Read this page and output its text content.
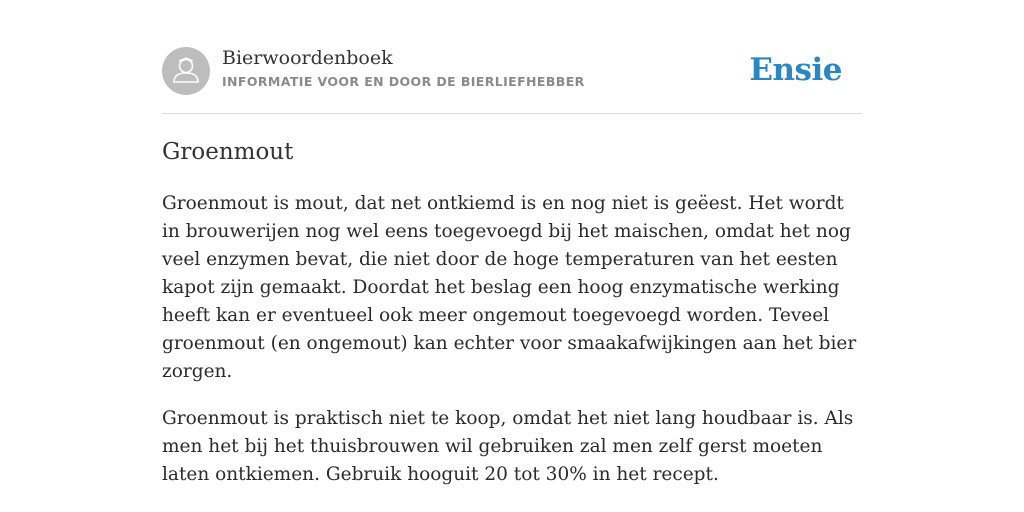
Bierwoordenboek
INFORMATIE VOOR EN DOOR DE BIERLIEFHEBBER	Ensie
Groenmout

Groenmout is mout, dat net ontkiemd is en nog niet is geëest. Het wordt in brouwerijen nog wel eens toegevoegd bij het maischen, omdat het nog veel enzymen bevat, die niet door de hoge temperaturen van het eesten kapot zijn gemaakt. Doordat het beslag een hoog enzymatische werking heeft kan er eventueel ook meer ongemout toegevoegd worden. Teveel groenmout (en ongemout) kan echter voor smaakafwijkingen aan het bier zorgen.

Groenmout is praktisch niet te koop, omdat het niet lang houdbaar is. Als men het bij het thuisbrouwen wil gebruiken zal men zelf gerst moeten laten ontkiemen. Gebruik hooguit 20 tot 30% in het recept.
